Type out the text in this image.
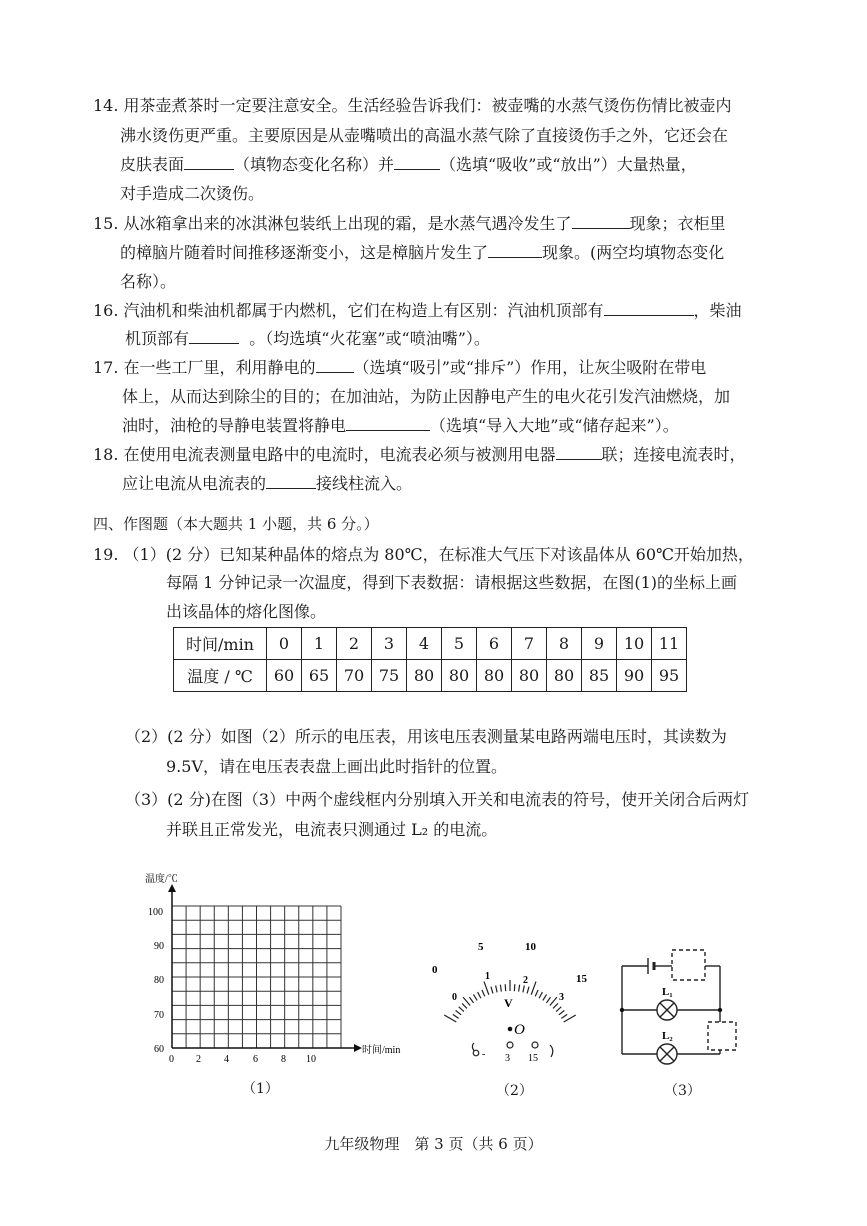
14. 用茶壶煮茶时一定要注意安全。生活经验告诉我们：被壶嘴的水蒸气烫伤伤情比被壶内
沸水烫伤更严重。主要原因是从壶嘴喷出的高温水蒸气除了直接烫伤手之外，它还会在
皮肤表面	（填物态变化名称）并	（选填“吸收”或“放出”）大量热量，
对手造成二次烫伤。
15. 从冰箱拿出来的冰淇淋包装纸上出现的霜，是水蒸气遇冷发生了	现象；衣柜里
的樟脑片随着时间推移逐渐变小，这是樟脑片发生了	现象。(两空均填物态变化
名称）。
16. 汽油机和柴油机都属于内燃机，它们在构造上有区别：汽油机顶部有	，柴油
机顶部有	。（均选填“火花塞”或“喷油嘴”）。
17. 在一些工厂里，利用静电的 （选填“吸引”或“排斥”）作用，让灰尘吸附在带电
体上，从而达到除尘的目的；在加油站，为防止因静电产生的电火花引发汽油燃烧，加
油时，油枪的导静电装置将静电	（选填“导入大地”或“储存起来”）。
18. 在使用电流表测量电路中的电流时，电流表必须与被测用电器	联；连接电流表时，
应让电流从电流表的	接线柱流入。
四、作图题（本大题共 1 小题，共 6 分。）
19. （1）(2 分）已知某种晶体的熔点为 80℃，在标准大气压下对该晶体从 60℃开始加热，
每隔 1 分钟记录一次温度，得到下表数据：请根据这些数据，在图(1)的坐标上画
出该晶体的熔化图像。
时间/min	0	1	2	3	4	5	6	7	8	9	10	11
温度 / ℃	60	65	70	75	80	80	80	80	80	85	90	95
（2）(2 分）如图（2）所示的电压表，用该电压表测量某电路两端电压时，其读数为
9.5V，请在电压表表盘上画出此时指针的位置。
（3）(2 分)在图（3）中两个虚线框内分别填入开关和电流表的符号，使开关闭合后两灯
并联且正常发光，电流表只测通过 L₂ 的电流。
温度/℃
时间/min
100
90
80
70
60
0 2 4 6 8 10
（1）
0
5	10
15
0
1	2
3
V
O
- 3 15
（2）
L₁
L₂
（3）
九年级物理　第 3 页（共 6 页）
